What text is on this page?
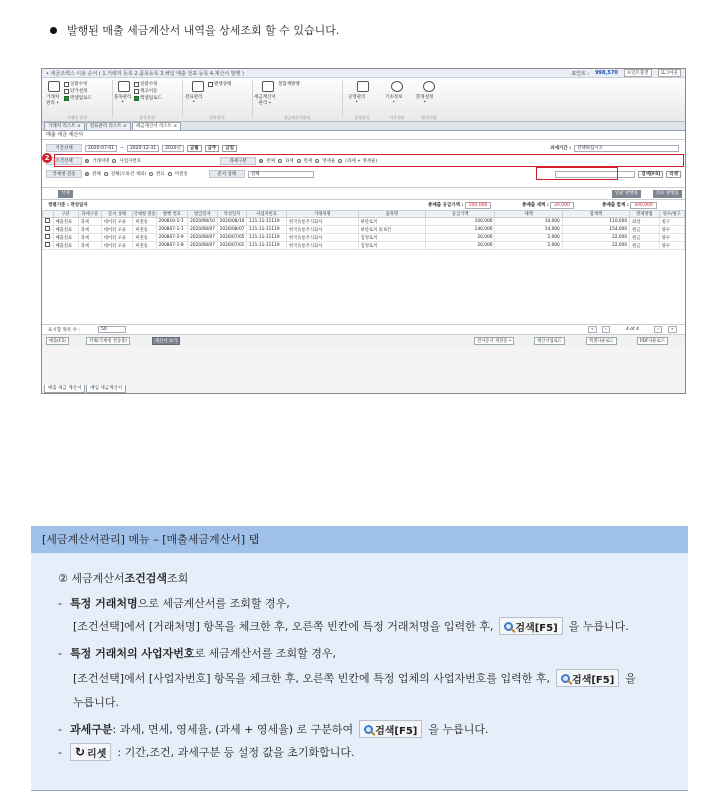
발행된 매출 세금계산서 내역을 상세조회 할 수 있습니다.
• 세금조렉스 이용 순서 ( 1.거래처 등록 2.품목등록 3.해입 매출 전표 등록 4.계산서 발행 )	포인트 : 998,570	포인트충전	로그아웃
거래처
관리 •
일괄수정
단가설정
엑셀업로드
거래처 관리
품목관리
•
일괄수정
재고이동
엑셀업로드
품목관리
전표관리
•
발행상태
전표관리
세금계산서
관리 •
철합계발행
세금계산서관리
공영관리
•
기초정보
•
환경설정
•
공영관리	기초정보	환경설정
거래처 리스트 ×	전표관리 리스트 ×	세금계산서 리스트 ×
매출 세금 계산서
기간선택	2020-07-01	~	2020-12-31	2020년	금월	금주	금일	과세기간 :	선택하십시오
조건선택	거래처명 사업자번호	과세구분	전체 과세 면세 영세율 (과세 + 영세율)
국세청 전송	전체 전체(오류건 제외) 완료 미전송	문서 상태	전체	검색[F5]	리셋
2
삭제	일괄 발행불	전표 발행불
정렬기준 : 작성일자	총매출 공급가액 : 200,000	총매출 세액 : 20,000	총매출 합계 : 300,000
	구분	과세구분	문서 상태	국세청 전송	발행 번호	발급일자	작성일자	사업자번호	거래처명	품목명	공급가액	세액	합계액	결제방법	영수/청구
	매출전표	과세	데이터 오류	미전송	200810-1-1	2020/08/10	2020/08/10	111-11-11119	한국유통주식회사	하얀토끼	100,000	10,000	110,000	외상	청구
	매출전표	과세	데이터 오류	미전송	200807-1-1	2020/08/07	2020/08/07	111-11-11119	한국유통주식회사	하얀토끼 외 6건	140,000	14,000	154,000	현금	영수
	매출전표	과세	데이터 오류	미전송	200807-2-9	2020/08/07	2020/07/05	111-11-11119	한국유통주식회사	검정토끼	20,000	2,000	22,000	현금	영수
	매출전표	과세	데이터 오류	미전송	200807-1-8	2020/08/07	2020/07/01	111-11-11119	한국유통주식회사	검정토끼	20,000	2,000	22,000	현금	영수
표시할 목록 수 :	50	«	‹	4 of 4	›	»
매출(F2)	삭제(국세청 전송중)	계산서 보기	전자문서 재전송 •	계산서업로드	엑셀다운로드	PDF다운로드
매출 세금 계산서	매입 세금계산서
[세금계산서관리] 메뉴 – [매출세금계산서] 탭
②
세금계산서 조건검색 조회
- 특정 거래처명 으로 세금계산서를 조회할 경우,
[조건선택]에서 [거래처명] 항목을 체크한 후, 오른쪽 빈칸에 특정 거래처명을 입력한 후, 검색[F5] 을 누릅니다.
- 특정 거래처의 사업자번호 로 세금계산서를 조회할 경우,
[조건선택]에서 [사업자번호] 항목을 체크한 후, 오른쪽 빈칸에 특정 업체의 사업자번호를 입력한 후, 검색[F5] 을
누릅니다.
- 과세구분 : 과세, 면세, 영세율, (과세 + 영세율) 로 구분하여 검색[F5] 을 누릅니다.
- ↻ 리셋 : 기간,조건, 과세구분 등 설정 값을 초기화합니다.
